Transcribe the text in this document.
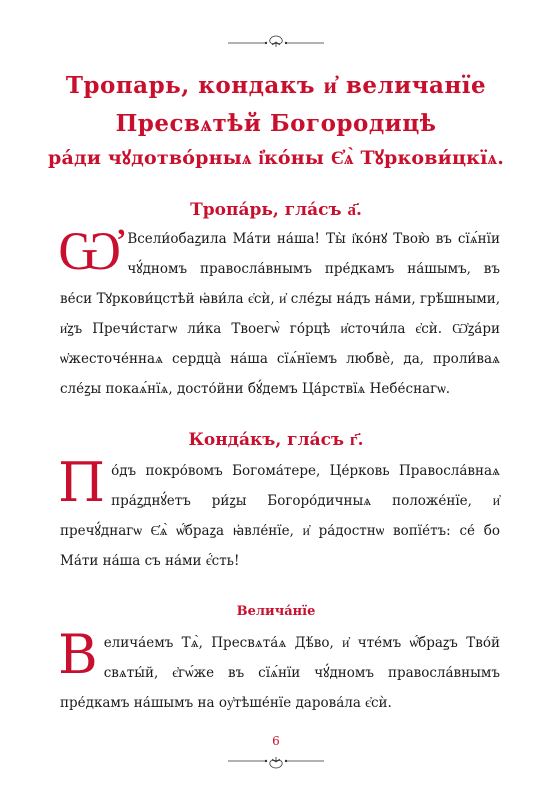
Тропарь, кондакъ и҆ величанїе
Пресвѧтѣй Богородицѣ
ра́ди чꙋдотво́рныѧ і҆ко́ны Є҆ѧ̀ Тꙋркови́цкїѧ.
Тропа́рь, гла́съ а҃.
Ѡ҆ Всели́обаꙁила Ма́ти на́ша! Ты̀ і҆ко́нꙋ Твою̀ въ сїѧ́нїи чꙋ́дномъ правосла́внымъ пре́дкамъ на́шымъ, въ ве́си Тꙋркови́цстѣй ꙗ҆ви́ла є҆сѝ, и҆ сле́ꙁы на́дъ на́ми, грѣ́шными, и҆ꙁъ Пречи́стагѡ ли́ка Твоегѡ̀ го́рцѣ и҆сточи́ла є҆сѝ. Ѡ҆ꙁа́ри ѡ҆жесточе́ннаѧ сердца̀ на́ша сїѧ́нїемъ любвѐ, да, проли́ваѧ сле́ꙁы покаѧ́нїѧ, досто́йни бꙋ́демъ Ца́рствїѧ Небе́снагѡ.
Конда́къ, гла́съ г҃.
По́дъ покро́вомъ Богома́тере, Це́рковь Правосла́внаѧ пра́ꙁднꙋ́етъ ри́ꙁы Богоро́дичныѧ положе́нїе, и҆ пречꙋ́днагѡ Є҆ѧ̀ ѡ҆́браꙁа ꙗ҆вле́нїе, и҆ ра́достнѡ вопїе́тъ: се́ бо Ма́ти на́ша съ на́ми є҆́сть!
Велича́нїе
Велича́емъ Тѧ̀, Пресвѧта́ѧ Дѣ́во, и҆ чте́мъ ѡ҆́браꙁъ Тво́й свѧты́й, є҆гѡ́же въ сїѧ́нїи чꙋ́дномъ правосла́внымъ пре́дкамъ на́шымъ на оу҆тѣше́нїе дарова́ла є҆сѝ.
6
